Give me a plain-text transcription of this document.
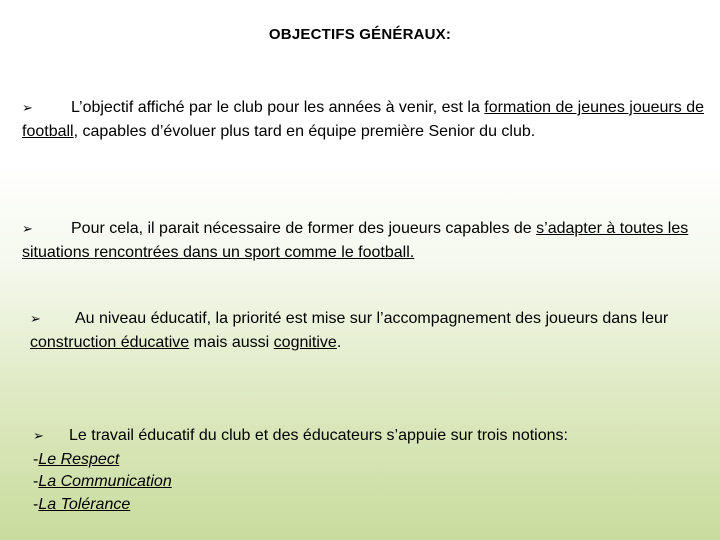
OBJECTIFS GÉNÉRAUX:
➢ L’objectif affiché par le club pour les années à venir, est la formation de jeunes joueurs de football, capables d’évoluer plus tard en équipe première Senior du club.
➢ Pour cela, il parait nécessaire de former des joueurs capables de s’adapter à toutes les situations rencontrées dans un sport comme le football.
➢ Au niveau éducatif, la priorité est mise sur l’accompagnement des joueurs dans leur construction éducative mais aussi cognitive.
➢ Le travail éducatif du club et des éducateurs s’appuie sur trois notions:
-Le Respect
-La Communication
-La Tolérance
